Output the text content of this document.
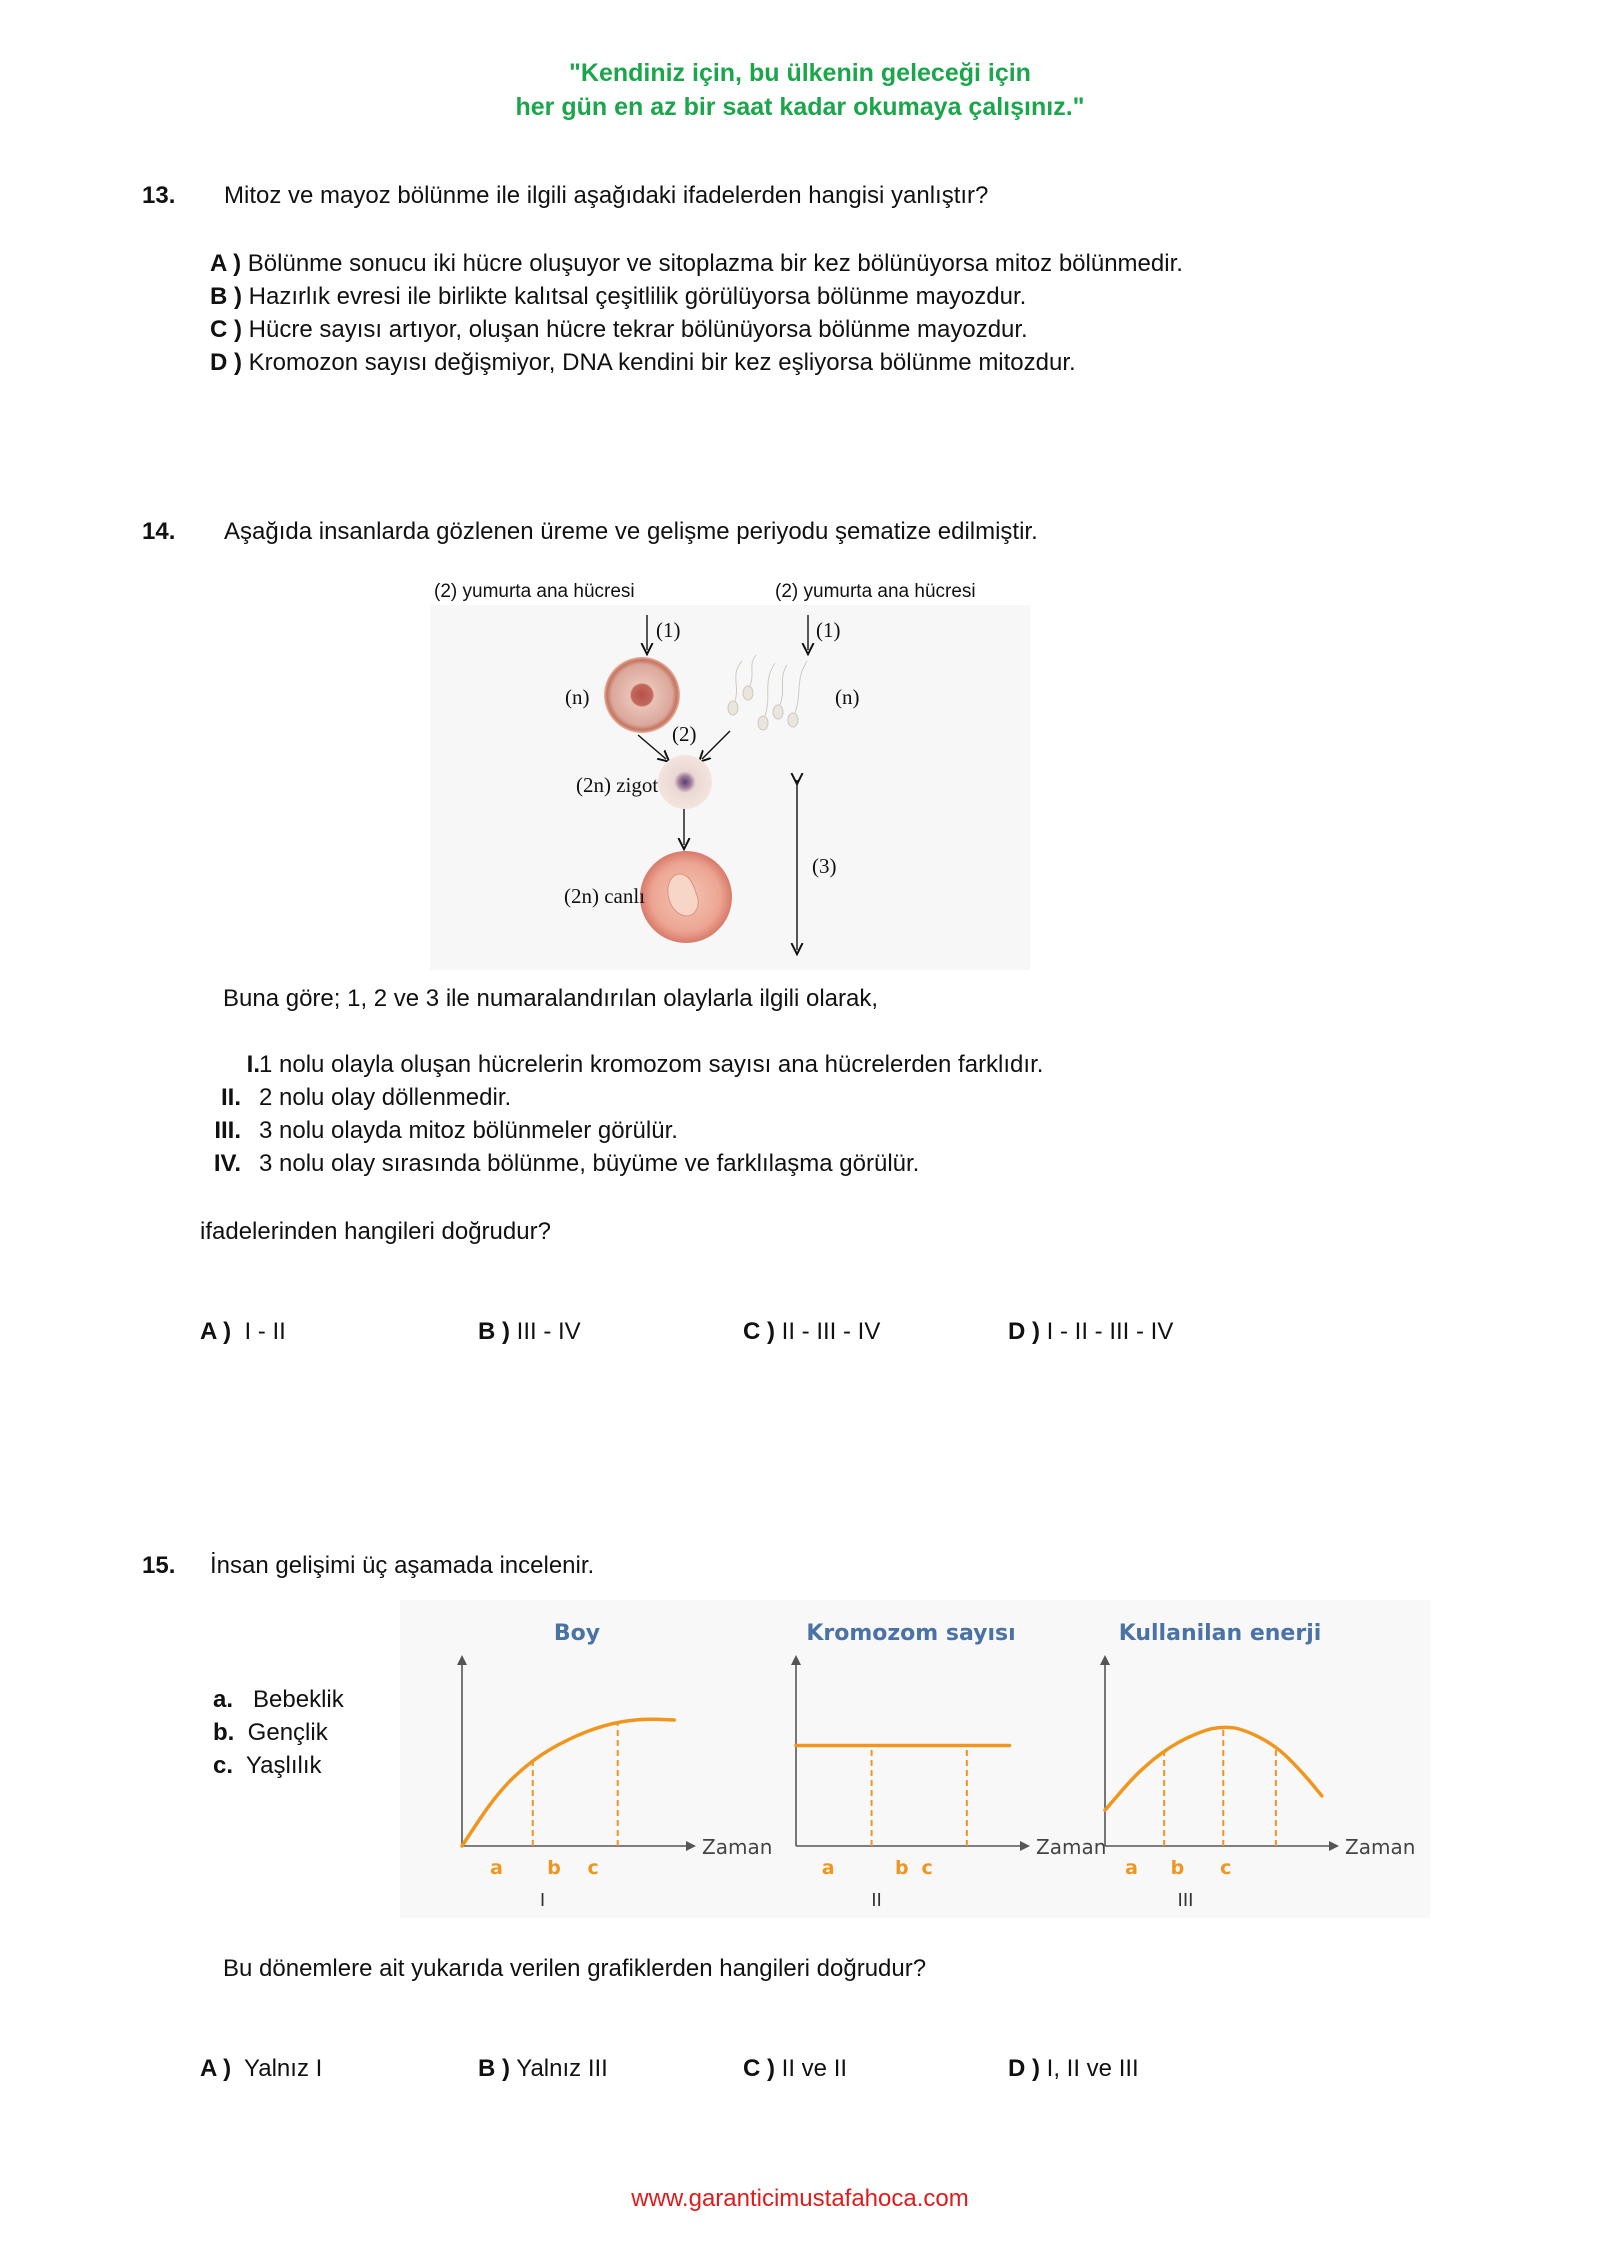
"Kendiniz için, bu ülkenin geleceği için
her gün en az bir saat kadar okumaya çalışınız."
13. Mitoz ve mayoz bölünme ile ilgili aşağıdaki ifadelerden hangisi yanlıştır?
A ) Bölünme sonucu iki hücre oluşuyor ve sitoplazma bir kez bölünüyorsa mitoz bölünmedir.
B ) Hazırlık evresi ile birlikte kalıtsal çeşitlilik görülüyorsa bölünme mayozdur.
C ) Hücre sayısı artıyor, oluşan hücre tekrar bölünüyorsa bölünme mayozdur.
D ) Kromozon sayısı değişmiyor, DNA kendini bir kez eşliyorsa bölünme mitozdur.
14. Aşağıda insanlarda gözlenen üreme ve gelişme periyodu şematize edilmiştir.
(2) yumurta ana hücresi	(2) yumurta ana hücresi
(1)	(1)
(n)	(n)
(2)
(2n) zigot
(2n) canlı
(3)
Buna göre; 1, 2 ve 3 ile numaralandırılan olaylarla ilgili olarak,
I. 1 nolu olayla oluşan hücrelerin kromozom sayısı ana hücrelerden farklıdır.
II. 2 nolu olay döllenmedir.
III. 3 nolu olayda mitoz bölünmeler görülür.
IV. 3 nolu olay sırasında bölünme, büyüme ve farklılaşma görülür.
ifadelerinden hangileri doğrudur?
A ) I - II	B ) III - IV	C ) II - III - IV	D ) I - II - III - IV
15. İnsan gelişimi üç aşamada incelenir.
Boy
Zaman
a b c
I
Kromozom sayısı
Zaman
a	b c
II
Kullanilan enerji
Zaman
a b c
III
a. Bebeklik
b. Gençlik
c. Yaşlılık
Bu dönemlere ait yukarıda verilen grafiklerden hangileri doğrudur?
A ) Yalnız I	B ) Yalnız III	C ) II ve II	D ) I, II ve III
www.garanticimustafahoca.com
